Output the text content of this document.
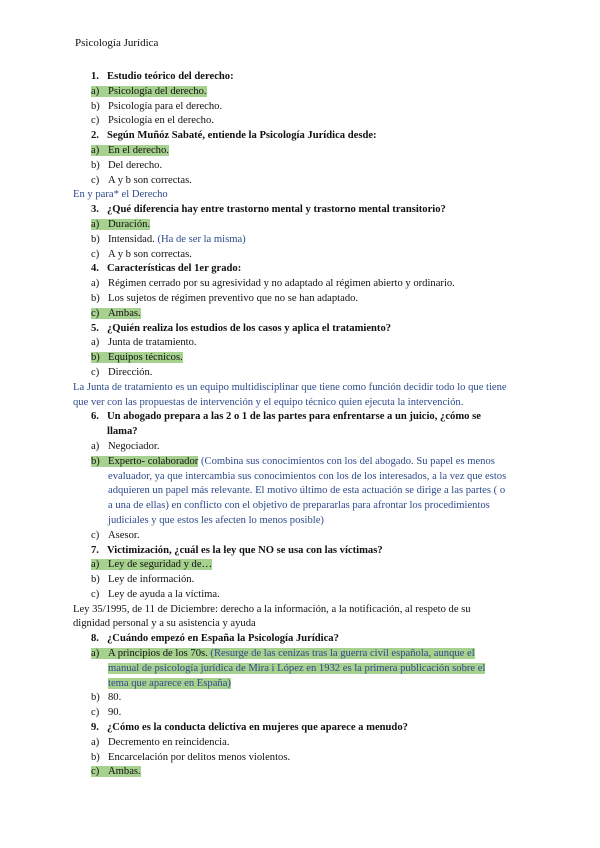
Psicología Jurídica
1. Estudio teórico del derecho:
a) Psicología del derecho.
b) Psicología para el derecho.
c) Psicología en el derecho.
2. Según Muñóz Sabaté, entiende la Psicología Jurídica desde:
a) En el derecho.
b) Del derecho.
c) A y b son correctas.
En y para* el Derecho
3. ¿Qué diferencia hay entre trastorno mental y trastorno mental transitorio?
a) Duración.
b) Intensidad. (Ha de ser la misma)
c) A y b son correctas.
4. Características del 1er grado:
a) Régimen cerrado por su agresividad y no adaptado al régimen abierto y ordinario.
b) Los sujetos de régimen preventivo que no se han adaptado.
c) Ambas.
5. ¿Quién realiza los estudios de los casos y aplica el tratamiento?
a) Junta de tratamiento.
b) Equipos técnicos.
c) Dirección.
La Junta de tratamiento es un equipo multidisciplinar que tiene como función decidir todo lo que tiene
que ver con las propuestas de intervención y el equipo técnico quien ejecuta la intervención.
6. Un abogado prepara a las 2 o 1 de las partes para enfrentarse a un juicio, ¿cómo se
llama?
a) Negociador.
b) Experto- colaborador (Combina sus conocimientos con los del abogado. Su papel es menos
evaluador, ya que intercambia sus conocimientos con los de los interesados, a la vez que estos
adquieren un papel más relevante. El motivo último de esta actuación se dirige a las partes ( o
a una de ellas) en conflicto con el objetivo de prepararlas para afrontar los procedimientos
judiciales y que estos les afecten lo menos posible)
c) Asesor.
7. Victimización, ¿cuál es la ley que NO se usa con las víctimas?
a) Ley de seguridad y de…
b) Ley de información.
c) Ley de ayuda a la víctima.
Ley 35/1995, de 11 de Diciembre: derecho a la información, a la notificación, al respeto de su
dignidad personal y a su asistencia y ayuda
8. ¿Cuándo empezó en España la Psicología Jurídica?
a) A principios de los 70s. (Resurge de las cenizas tras la guerra civil española, aunque el
manual de psicología jurídica de Mira i López en 1932 es la primera publicación sobre el
tema que aparece en España)
b) 80.
c) 90.
9. ¿Cómo es la conducta delictiva en mujeres que aparece a menudo?
a) Decremento en reincidencia.
b) Encarcelación por delitos menos violentos.
c) Ambas.
